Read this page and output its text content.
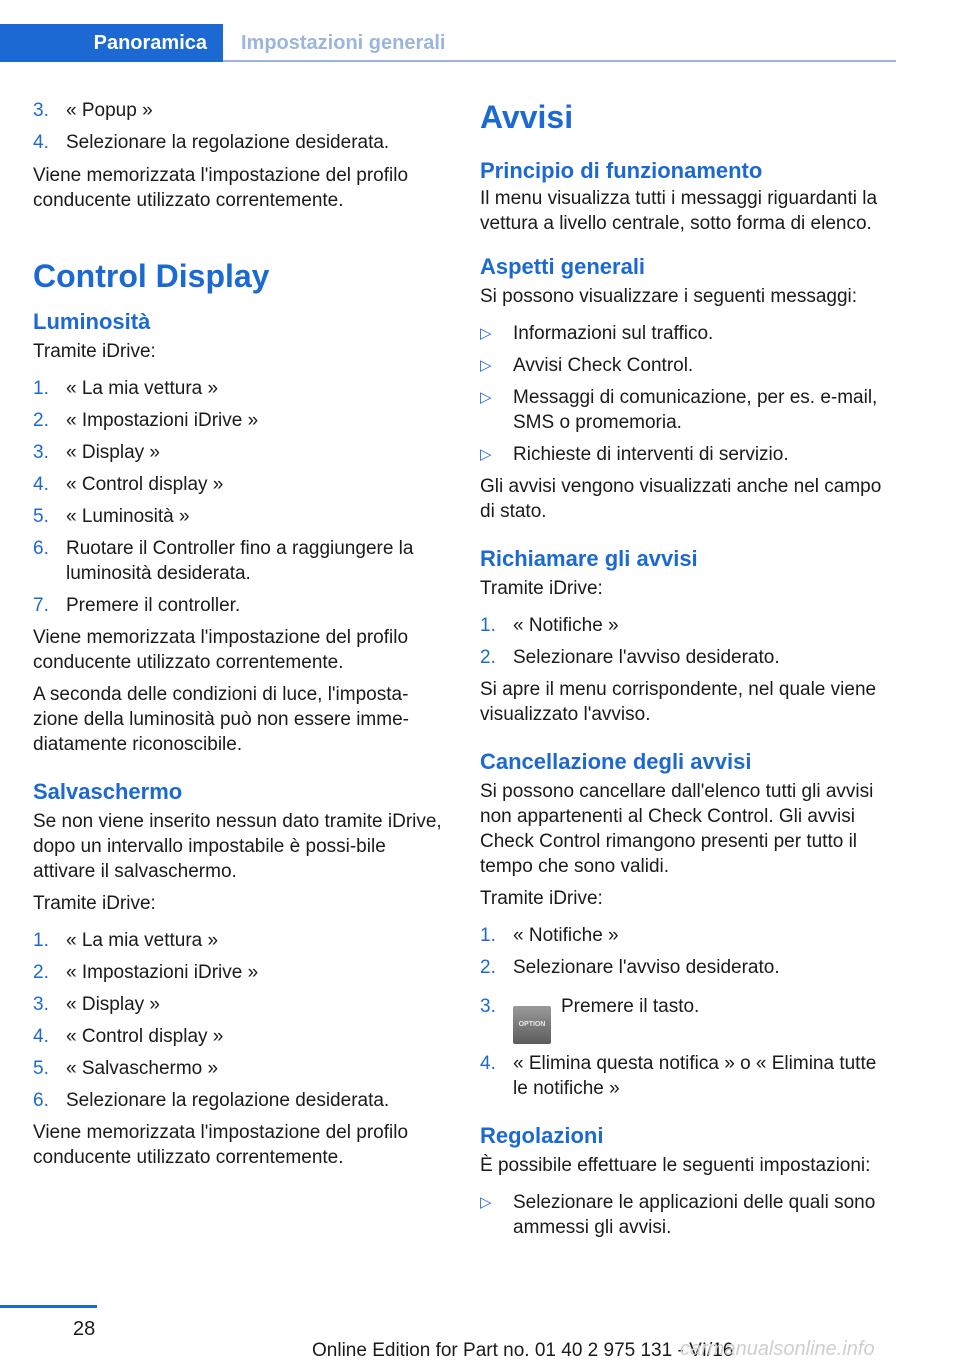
Panoramica	Impostazioni generali
3. « Popup »
4. Selezionare la regolazione desiderata.

Viene memorizzata l'impostazione del profilo conducente utilizzato correntemente.

Control Display
Luminosità

Tramite iDrive:

1. « La mia vettura »
2. « Impostazioni iDrive »
3. « Display »
4. « Control display »
5. « Luminosità »
6. Ruotare il Controller fino a raggiungere la luminosità desiderata.
7. Premere il controller.

Viene memorizzata l'impostazione del profilo conducente utilizzato correntemente.

A seconda delle condizioni di luce, l'imposta-zione della luminosità può non essere imme-diatamente riconoscibile.

Salvaschermo

Se non viene inserito nessun dato tramite iDrive, dopo un intervallo impostabile è possi-bile attivare il salvaschermo.

Tramite iDrive:

1. « La mia vettura »
2. « Impostazioni iDrive »
3. « Display »
4. « Control display »
5. « Salvaschermo »
6. Selezionare la regolazione desiderata.

Viene memorizzata l'impostazione del profilo conducente utilizzato correntemente.

Avvisi
Principio di funzionamento

Il menu visualizza tutti i messaggi riguardanti la vettura a livello centrale, sotto forma di elenco.

Aspetti generali

Si possono visualizzare i seguenti messaggi:

▷	Informazioni sul traffico.
▷	Avvisi Check Control.
▷	Messaggi di comunicazione, per es. e-mail, SMS o promemoria.
▷	Richieste di interventi di servizio.

Gli avvisi vengono visualizzati anche nel campo di stato.

Richiamare gli avvisi

Tramite iDrive:

1. « Notifiche »
2. Selezionare l'avviso desiderato.

Si apre il menu corrispondente, nel quale viene visualizzato l'avviso.

Cancellazione degli avvisi

Si possono cancellare dall'elenco tutti gli avvisi non appartenenti al Check Control. Gli avvisi Check Control rimangono presenti per tutto il tempo che sono validi.

Tramite iDrive:

1. « Notifiche »
2. Selezionare l'avviso desiderato.
3.
OPTIONPremere il tasto.
4. « Elimina questa notifica » o « Elimina tutte le notifiche »
Regolazioni

È possibile effettuare le seguenti impostazioni:

▷	Selezionare le applicazioni delle quali sono ammessi gli avvisi.
28
Online Edition for Part no. 01 40 2 975 131 - VI/16
carmanualsonline.info
